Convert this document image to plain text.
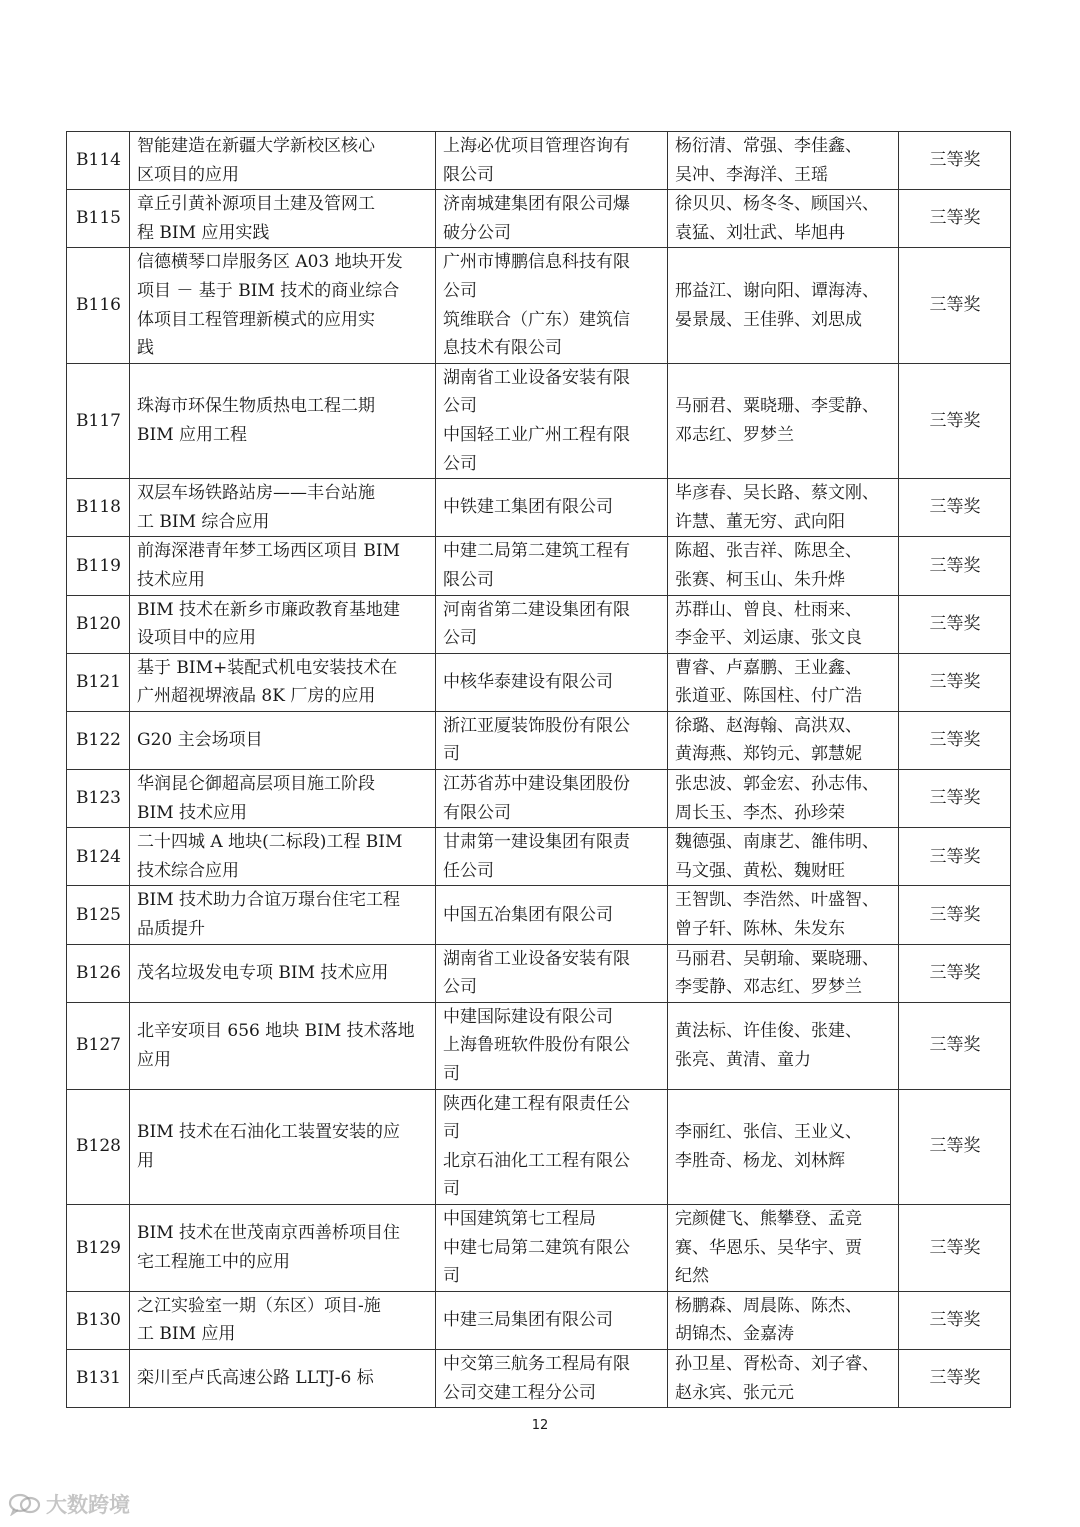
B114	智能建造在新疆大学新校区核心
区项目的应用	上海必优项目管理咨询有
限公司	杨衍清、常强、李佳鑫、
吴冲、李海洋、王瑶	三等奖
B115	章丘引黄补源项目土建及管网工
程 BIM 应用实践	济南城建集团有限公司爆
破分公司	徐贝贝、杨冬冬、顾国兴、
袁猛、刘壮武、毕旭冉	三等奖
B116	信德横琴口岸服务区 A03 地块开发
项目 － 基于 BIM 技术的商业综合
体项目工程管理新模式的应用实
践	广州市博鹏信息科技有限
公司
筑维联合（广东）建筑信
息技术有限公司	邢益江、谢向阳、谭海涛、
晏景晟、王佳骅、刘思成	三等奖
B117	珠海市环保生物质热电工程二期
BIM 应用工程	湖南省工业设备安装有限
公司
中国轻工业广州工程有限
公司	马丽君、粟晓珊、李雯静、
邓志红、罗梦兰	三等奖
B118	双层车场铁路站房——丰台站施
工 BIM 综合应用	中铁建工集团有限公司	毕彦春、吴长路、蔡文刚、
许慧、董无穷、武向阳	三等奖
B119	前海深港青年梦工场西区项目 BIM
技术应用	中建二局第二建筑工程有
限公司	陈超、张吉祥、陈思全、
张赛、柯玉山、朱升烨	三等奖
B120	BIM 技术在新乡市廉政教育基地建
设项目中的应用	河南省第二建设集团有限
公司	苏群山、曾良、杜雨来、
李金平、刘运康、张文良	三等奖
B121	基于 BIM+装配式机电安装技术在
广州超视堺液晶 8K 厂房的应用	中核华泰建设有限公司	曹睿、卢嘉鹏、王业鑫、
张道亚、陈国柱、付广浩	三等奖
B122	G20 主会场项目	浙江亚厦装饰股份有限公
司	徐璐、赵海翰、高洪双、
黄海燕、郑钧元、郭慧妮	三等奖
B123	华润昆仑御超高层项目施工阶段
BIM 技术应用	江苏省苏中建设集团股份
有限公司	张忠波、郭金宏、孙志伟、
周长玉、李杰、孙珍荣	三等奖
B124	二十四城 A 地块(二标段)工程 BIM
技术综合应用	甘肃第一建设集团有限责
任公司	魏德强、南康艺、雒伟明、
马文强、黄松、魏财旺	三等奖
B125	BIM 技术助力合谊万璟台住宅工程
品质提升	中国五冶集团有限公司	王智凯、李浩然、叶盛智、
曾子轩、陈林、朱发东	三等奖
B126	茂名垃圾发电专项 BIM 技术应用	湖南省工业设备安装有限
公司	马丽君、吴朝瑜、粟晓珊、
李雯静、邓志红、罗梦兰	三等奖
B127	北辛安项目 656 地块 BIM 技术落地
应用	中建国际建设有限公司
上海鲁班软件股份有限公
司	黄法标、许佳俊、张建、
张亮、黄清、童力	三等奖
B128	BIM 技术在石油化工装置安装的应
用	陕西化建工程有限责任公
司
北京石油化工工程有限公
司	李丽红、张信、王业义、
李胜奇、杨龙、刘林辉	三等奖
B129	BIM 技术在世茂南京西善桥项目住
宅工程施工中的应用	中国建筑第七工程局
中建七局第二建筑有限公
司	完颜健飞、熊攀登、孟竞
赛、华恩乐、吴华宇、贾
纪然	三等奖
B130	之江实验室一期（东区）项目-施
工 BIM 应用	中建三局集团有限公司	杨鹏森、周晨陈、陈杰、
胡锦杰、金嘉涛	三等奖
B131	栾川至卢氏高速公路 LLTJ-6 标	中交第三航务工程局有限
公司交建工程分公司	孙卫星、胥松奇、刘子睿、
赵永宾、张元元	三等奖
12
大数跨境
